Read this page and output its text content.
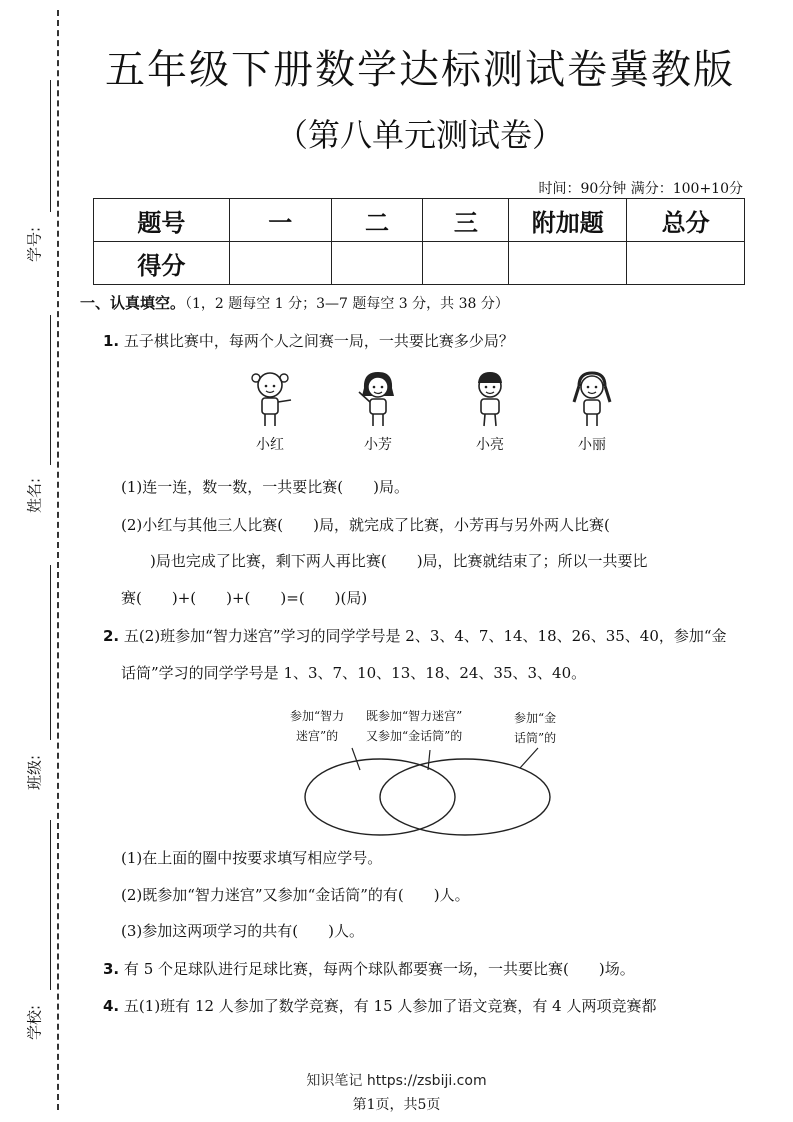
学号:
姓名:
班级:
学校:
五年级下册数学达标测试卷冀教版
（第八单元测试卷）
时间：90分钟 满分：100+10分
题号	一	二	三	附加题	总分
得分					
一、认真填空。（1，2 题每空 1 分；3—7 题每空 3 分，共 38 分）
1. 五子棋比赛中，每两个人之间赛一局，一共要比赛多少局？
小红	小芳	小亮	小丽
(1)连一连，数一数，一共要比赛(　　)局。
(2)小红与其他三人比赛(　　)局，就完成了比赛，小芳再与另外两人比赛(
)局也完成了比赛，剩下两人再比赛(　　)局，比赛就结束了；所以一共要比
赛(　　)+(　　)+(　　)=(　　)(局)
2. 五(2)班参加“智力迷宫”学习的同学学号是 2、3、4、7、14、18、26、35、40，参加“金
话筒”学习的同学学号是 1、3、7、10、13、18、24、35、3、40。
参加“智力
迷宫”的
既参加“智力迷宫”
又参加“金话筒”的
参加“金
话筒”的
(1)在上面的圈中按要求填写相应学号。
(2)既参加“智力迷宫”又参加“金话筒”的有(　　)人。
(3)参加这两项学习的共有(　　)人。
3. 有 5 个足球队进行足球比赛，每两个球队都要赛一场，一共要比赛(　　)场。
4. 五(1)班有 12 人参加了数学竞赛，有 15 人参加了语文竞赛，有 4 人两项竞赛都
知识笔记 https://zsbiji.com
第1页，共5页
